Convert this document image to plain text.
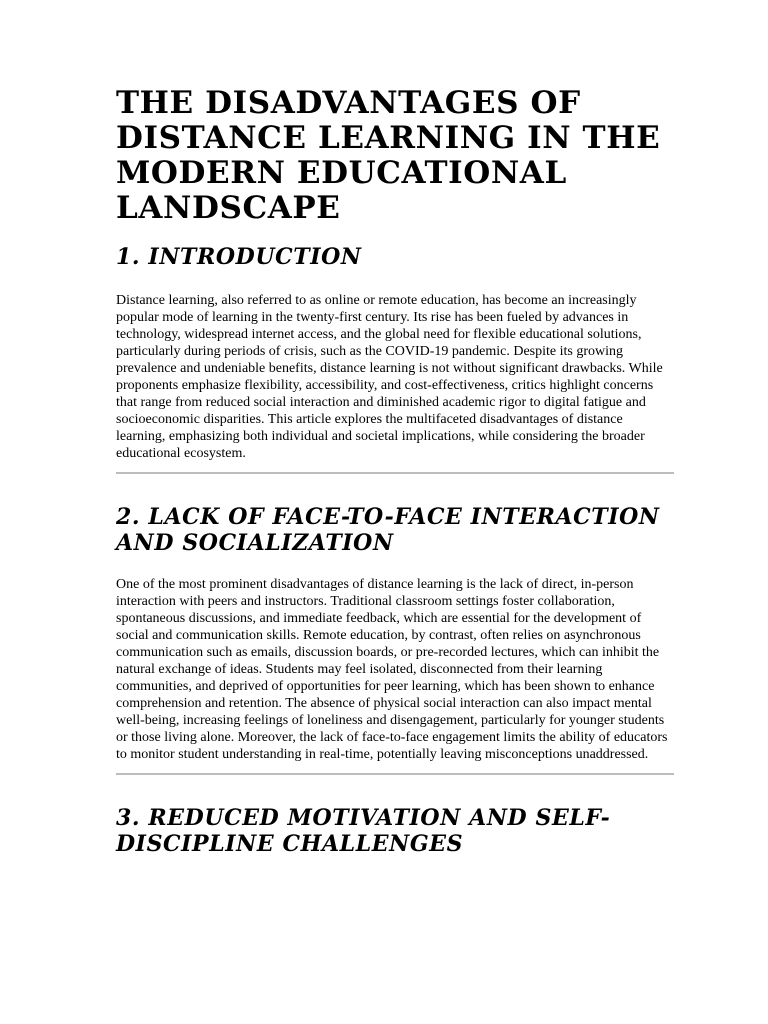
THE DISADVANTAGES OF DISTANCE LEARNING IN THE MODERN EDUCATIONAL LANDSCAPE
1. INTRODUCTION

Distance learning, also referred to as online or remote education, has become an increasingly popular mode of learning in the twenty-first century. Its rise has been fueled by advances in technology, widespread internet access, and the global need for flexible educational solutions, particularly during periods of crisis, such as the COVID-19 pandemic. Despite its growing prevalence and undeniable benefits, distance learning is not without significant drawbacks. While proponents emphasize flexibility, accessibility, and cost-effectiveness, critics highlight concerns that range from reduced social interaction and diminished academic rigor to digital fatigue and socioeconomic disparities. This article explores the multifaceted disadvantages of distance learning, emphasizing both individual and societal implications, while considering the broader educational ecosystem.

2. LACK OF FACE-TO-FACE INTERACTION AND SOCIALIZATION

One of the most prominent disadvantages of distance learning is the lack of direct, in-person interaction with peers and instructors. Traditional classroom settings foster collaboration, spontaneous discussions, and immediate feedback, which are essential for the development of social and communication skills. Remote education, by contrast, often relies on asynchronous communication such as emails, discussion boards, or pre-recorded lectures, which can inhibit the natural exchange of ideas. Students may feel isolated, disconnected from their learning communities, and deprived of opportunities for peer learning, which has been shown to enhance comprehension and retention. The absence of physical social interaction can also impact mental well-being, increasing feelings of loneliness and disengagement, particularly for younger students or those living alone. Moreover, the lack of face-to-face engagement limits the ability of educators to monitor student understanding in real-time, potentially leaving misconceptions unaddressed.

3. REDUCED MOTIVATION AND SELF-DISCIPLINE CHALLENGES
